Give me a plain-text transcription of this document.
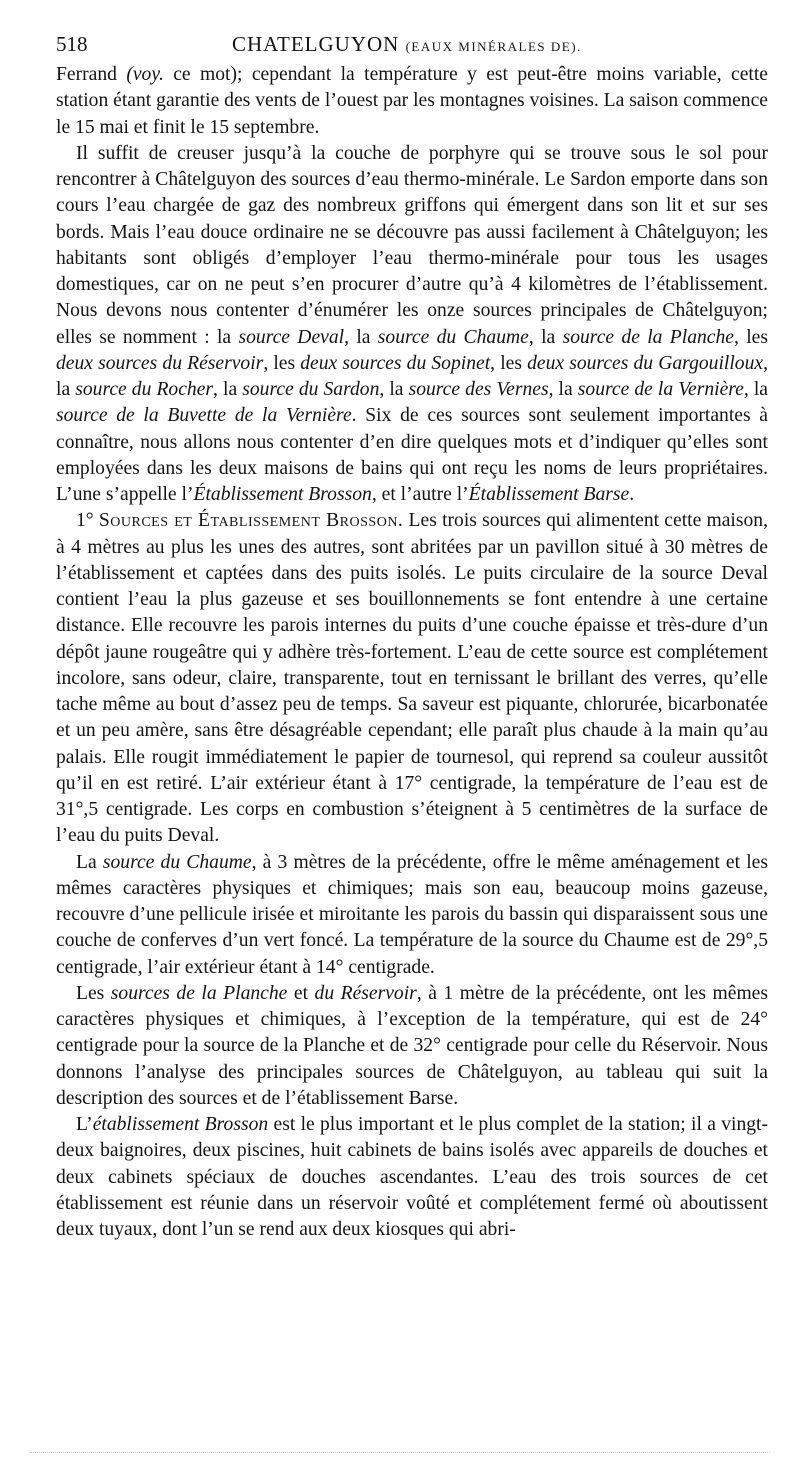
518	CHATELGUYON (EAUX MINÉRALES DE).

Ferrand (voy. ce mot); cependant la température y est peut-être moins variable, cette station étant garantie des vents de l’ouest par les montagnes voisines. La saison commence le 15 mai et finit le 15 septembre.

Il suffit de creuser jusqu’à la couche de porphyre qui se trouve sous le sol pour rencontrer à Châtelguyon des sources d’eau thermo-minérale. Le Sardon emporte dans son cours l’eau chargée de gaz des nombreux griffons qui émergent dans son lit et sur ses bords. Mais l’eau douce ordinaire ne se découvre pas aussi facilement à Châtelguyon; les habitants sont obligés d’employer l’eau thermo-minérale pour tous les usages domestiques, car on ne peut s’en procurer d’autre qu’à 4 kilomètres de l’établissement. Nous devons nous contenter d’énumérer les onze sources principales de Châtelguyon; elles se nomment : la source Deval, la source du Chaume, la source de la Planche, les deux sources du Réservoir, les deux sources du Sopinet, les deux sources du Gargouilloux, la source du Rocher, la source du Sardon, la source des Vernes, la source de la Vernière, la source de la Buvette de la Vernière. Six de ces sources sont seulement importantes à connaître, nous allons nous contenter d’en dire quelques mots et d’indiquer qu’elles sont employées dans les deux maisons de bains qui ont reçu les noms de leurs propriétaires. L’une s’appelle l’Établissement Brosson, et l’autre l’Établissement Barse.

1° Sources et Établissement Brosson. Les trois sources qui alimentent cette maison, à 4 mètres au plus les unes des autres, sont abritées par un pavillon situé à 30 mètres de l’établissement et captées dans des puits isolés. Le puits circulaire de la source Deval contient l’eau la plus gazeuse et ses bouillonnements se font entendre à une certaine distance. Elle recouvre les parois internes du puits d’une couche épaisse et très-dure d’un dépôt jaune rougeâtre qui y adhère très-fortement. L’eau de cette source est complétement incolore, sans odeur, claire, transparente, tout en ternissant le brillant des verres, qu’elle tache même au bout d’assez peu de temps. Sa saveur est piquante, chlorurée, bicarbonatée et un peu amère, sans être désagréable cependant; elle paraît plus chaude à la main qu’au palais. Elle rougit immédiatement le papier de tournesol, qui reprend sa couleur aussitôt qu’il en est retiré. L’air extérieur étant à 17° centigrade, la température de l’eau est de 31°,5 centigrade. Les corps en combustion s’éteignent à 5 centimètres de la surface de l’eau du puits Deval.

La source du Chaume, à 3 mètres de la précédente, offre le même aménagement et les mêmes caractères physiques et chimiques; mais son eau, beaucoup moins gazeuse, recouvre d’une pellicule irisée et miroitante les parois du bassin qui disparaissent sous une couche de conferves d’un vert foncé. La température de la source du Chaume est de 29°,5 centigrade, l’air extérieur étant à 14° centigrade.

Les sources de la Planche et du Réservoir, à 1 mètre de la précédente, ont les mêmes caractères physiques et chimiques, à l’exception de la température, qui est de 24° centigrade pour la source de la Planche et de 32° centigrade pour celle du Réservoir. Nous donnons l’analyse des principales sources de Châtelguyon, au tableau qui suit la description des sources et de l’établissement Barse.

L’établissement Brosson est le plus important et le plus complet de la station; il a vingt-deux baignoires, deux piscines, huit cabinets de bains isolés avec appareils de douches et deux cabinets spéciaux de douches ascendantes. L’eau des trois sources de cet établissement est réunie dans un réservoir voûté et complétement fermé où aboutissent deux tuyaux, dont l’un se rend aux deux kiosques qui abri-
